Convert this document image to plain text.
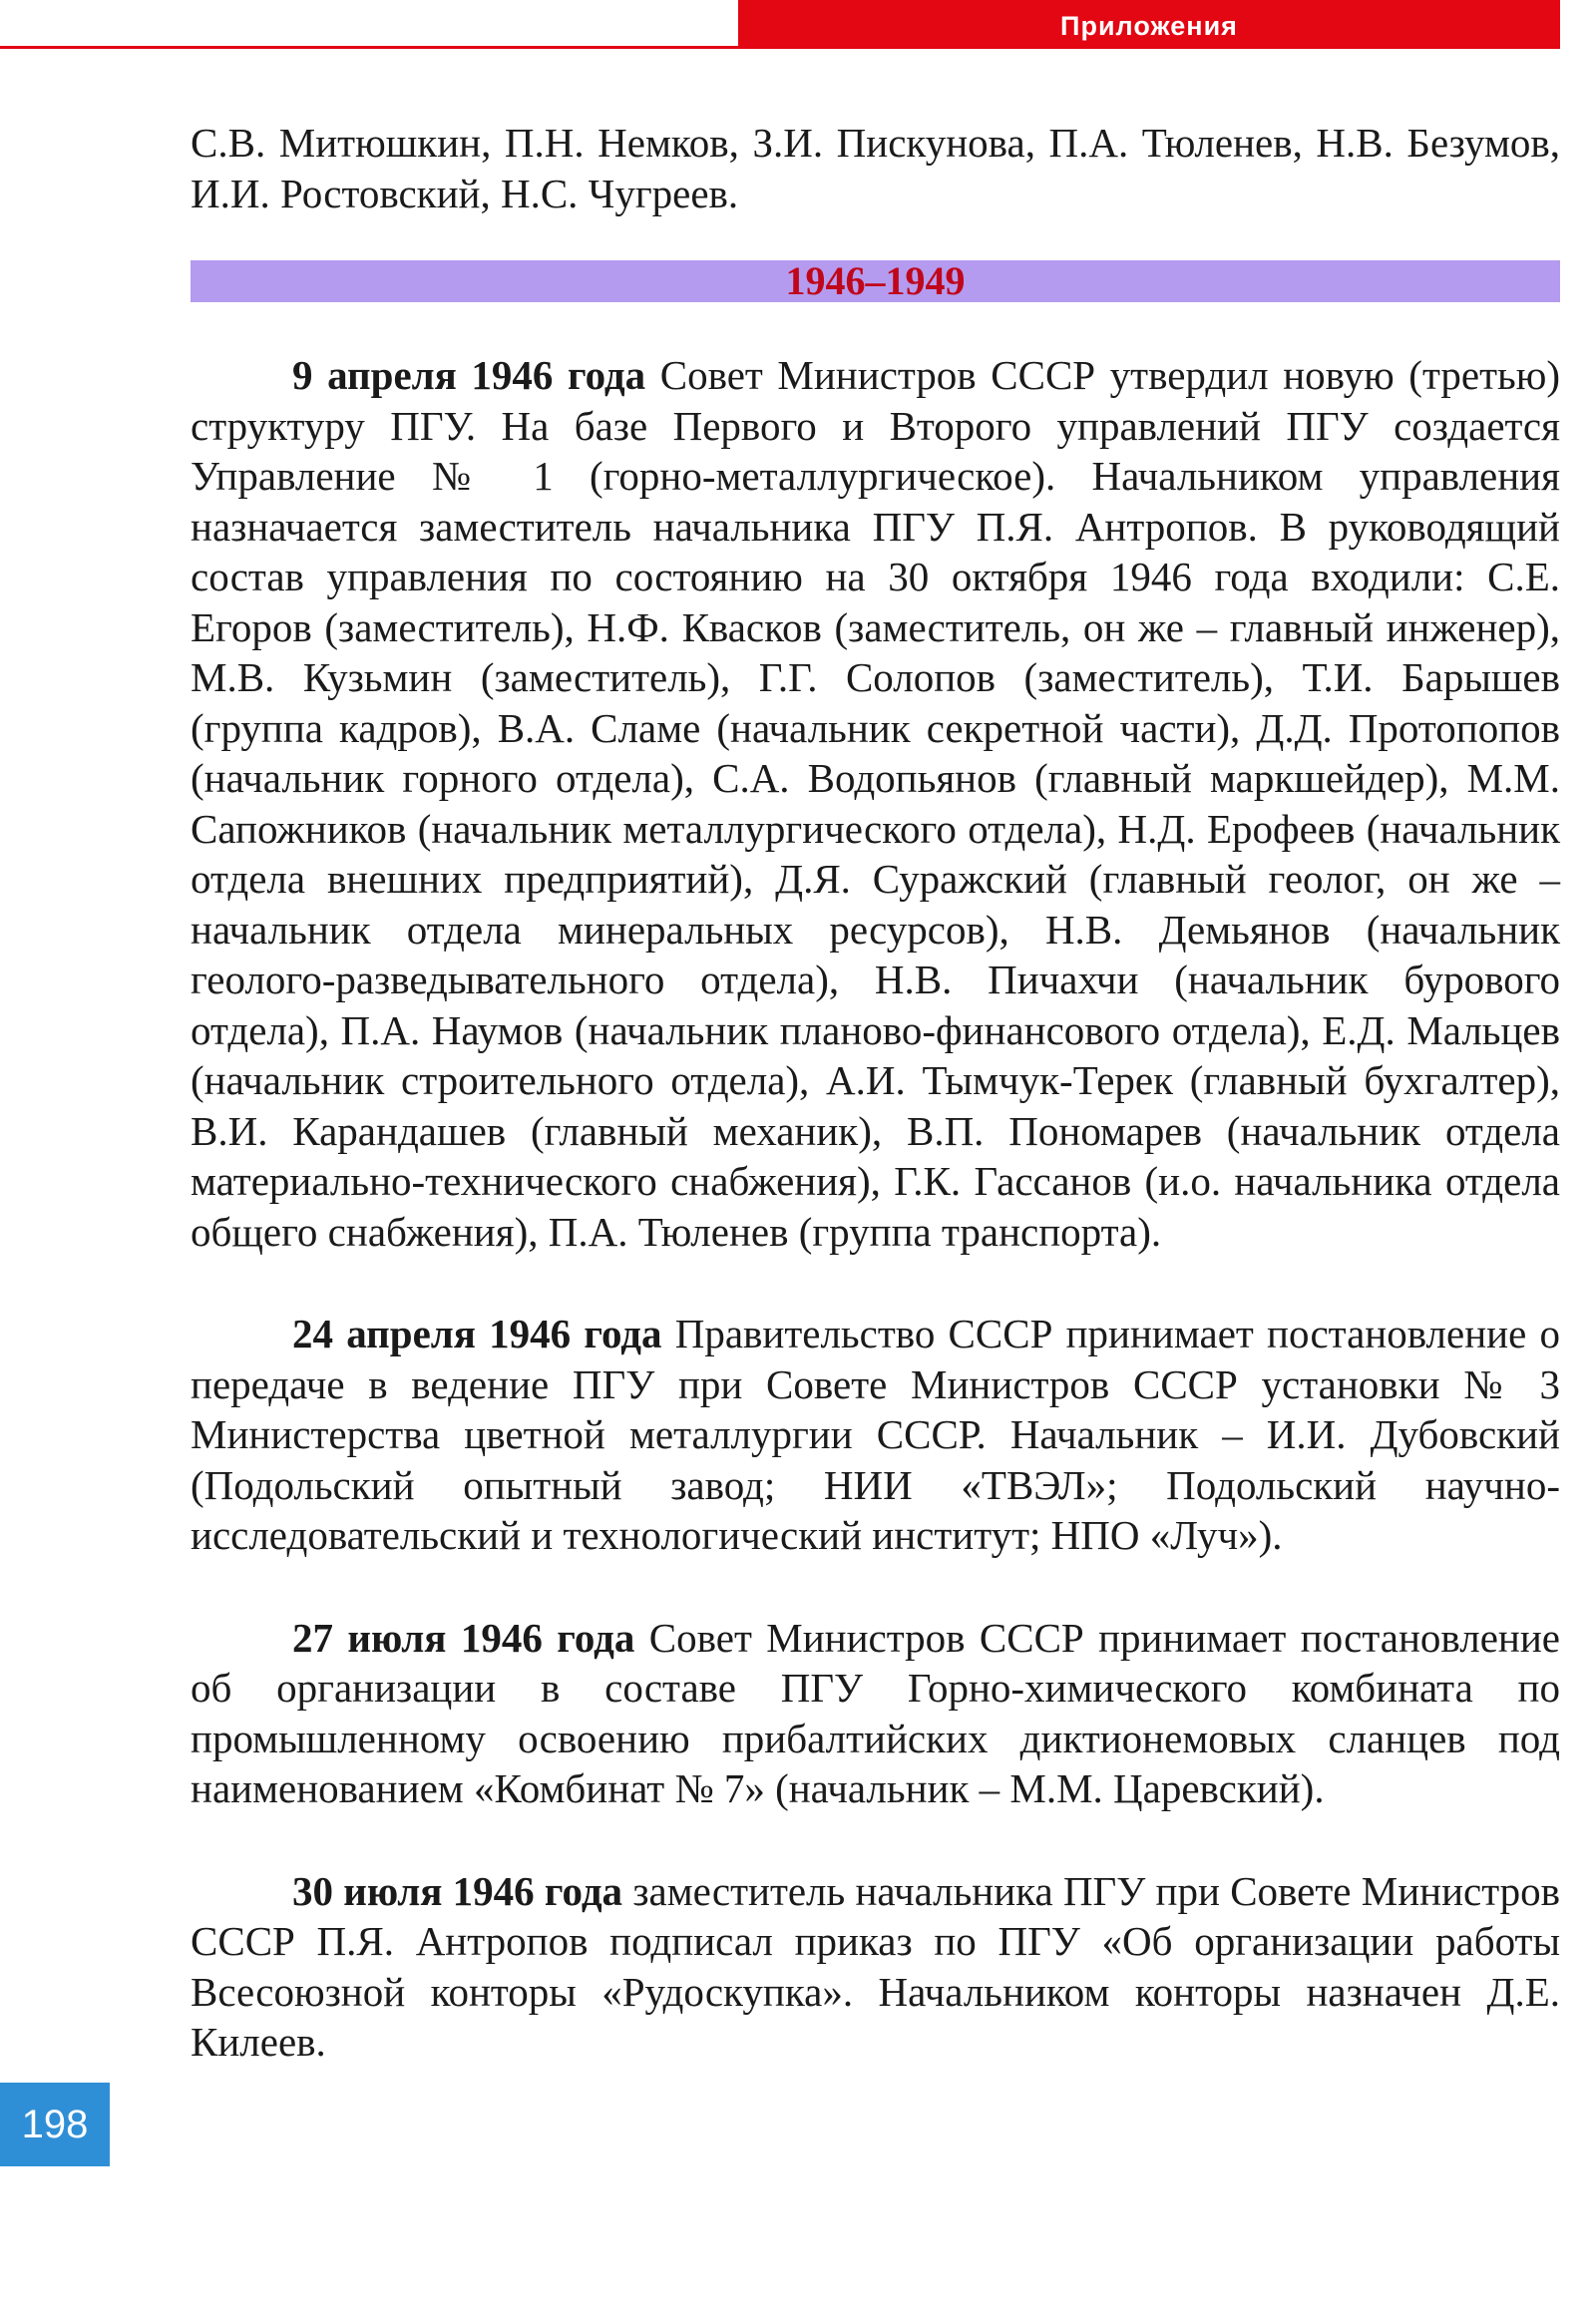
Приложения

С.В. Митюшкин, П.Н. Немков, З.И. Пискунова, П.А. Тюленев, Н.В. Безумов, И.И. Ростовский, Н.С. Чугреев.

1946–1949

9 апреля 1946 года Совет Министров СССР утвердил новую (третью) структуру ПГУ. На базе Первого и Второго управлений ПГУ создается Управление № 1 (горно-металлургическое). Начальником управления назначается заместитель начальника ПГУ П.Я. Антропов. В руководящий состав управления по состоянию на 30 октября 1946 года входили: С.Е. Егоров (заместитель), Н.Ф. Квасков (заместитель, он же – главный инженер), М.В. Кузьмин (заместитель), Г.Г. Солопов (заместитель), Т.И. Барышев (группа кадров), В.А. Сламе (начальник секретной части), Д.Д. Протопопов (начальник горного отдела), С.А. Водопьянов (главный маркшейдер), М.М. Сапожников (начальник металлургического отдела), Н.Д. Ерофеев (начальник отдела внешних предприятий), Д.Я. Суражский (главный геолог, он же – начальник отдела минеральных ресурсов), Н.В. Демьянов (начальник геолого-разведывательного отдела), Н.В. Пичахчи (начальник бурового отдела), П.А. Наумов (начальник планово-финансового отдела), Е.Д. Мальцев (начальник строительного отдела), А.И. Тымчук-Терек (главный бухгалтер), В.И. Карандашев (главный механик), В.П. Пономарев (начальник отдела материально-технического снабжения), Г.К. Гассанов (и.о. начальника отдела общего снабжения), П.А. Тюленев (группа транспорта).

24 апреля 1946 года Правительство СССР принимает постановление о передаче в ведение ПГУ при Совете Министров СССР установки № 3 Министерства цветной металлургии СССР. Начальник – И.И. Дубовский (Подольский опытный завод; НИИ «ТВЭЛ»; Подольский научно-исследовательский и технологический институт; НПО «Луч»).

27 июля 1946 года Совет Министров СССР принимает постановление об организации в составе ПГУ Горно-химического комбината по промышленному освоению прибалтийских диктионемовых сланцев под наименованием «Комбинат № 7» (начальник – М.М. Царевский).

30 июля 1946 года заместитель начальника ПГУ при Совете Министров СССР П.Я. Антропов подписал приказ по ПГУ «Об организации работы Всесоюзной конторы «Рудоскупка». Начальником конторы назначен Д.Е. Килеев.

198
